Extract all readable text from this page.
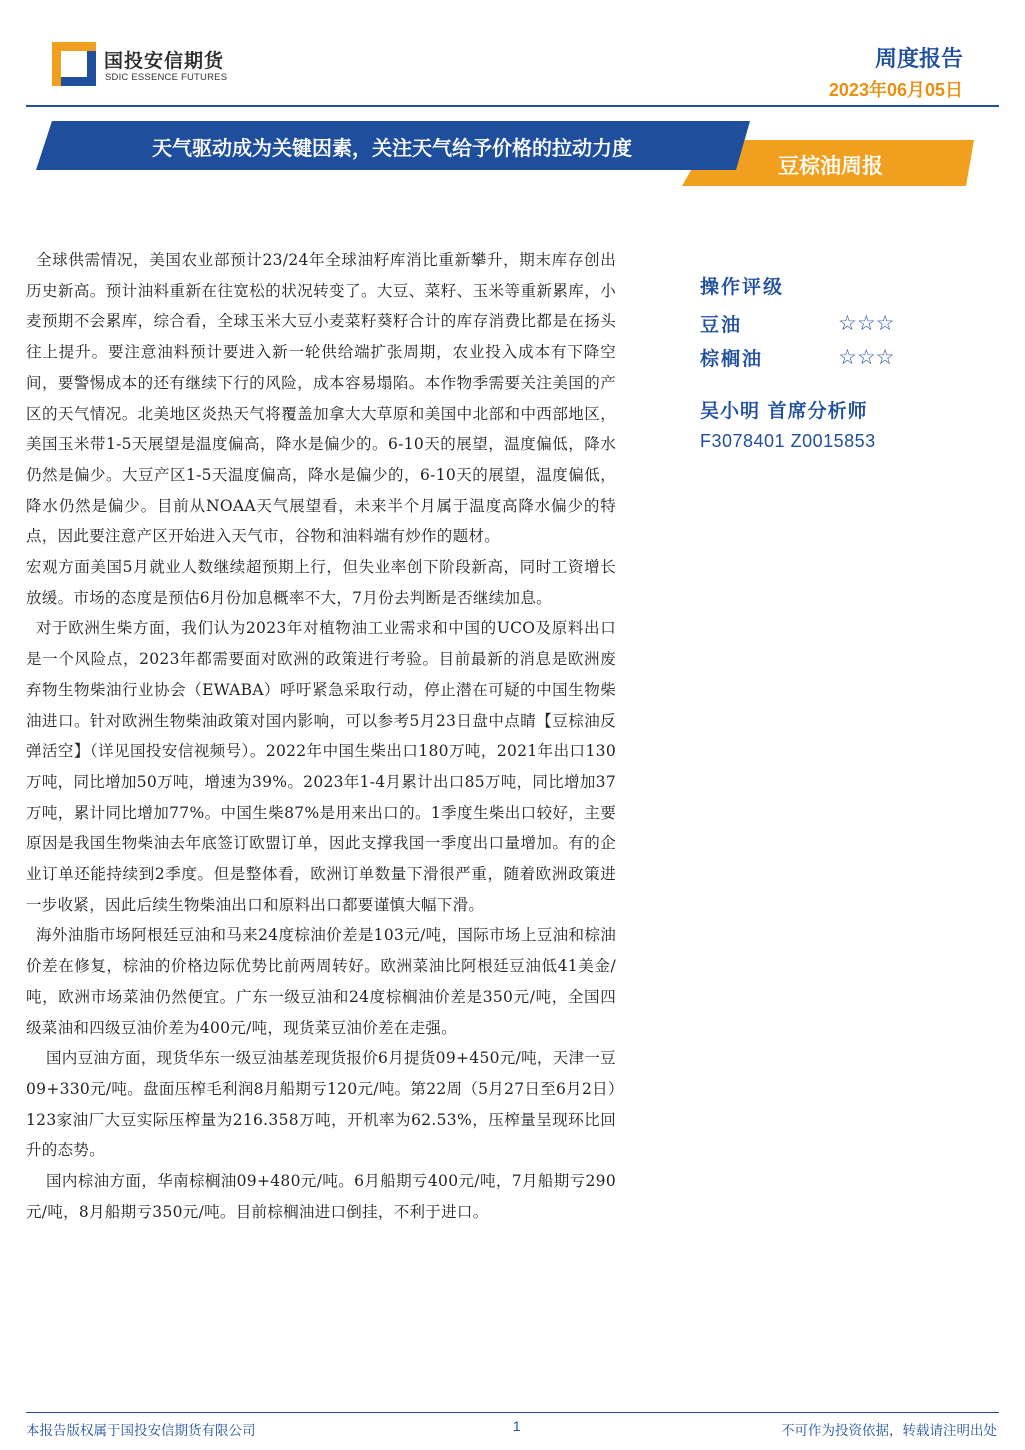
国投安信期货
SDIC ESSENCE FUTURES
周度报告
2023年06月05日
天气驱动成为关键因素，关注天气给予价格的拉动力度
豆棕油周报

全球供需情况，美国农业部预计23/24年全球油籽库消比重新攀升，期末库存创出历史新高。预计油料重新在往宽松的状况转变了。大豆、菜籽、玉米等重新累库，小麦预期不会累库，综合看，全球玉米大豆小麦菜籽葵籽合计的库存消费比都是在扬头往上提升。要注意油料预计要进入新一轮供给端扩张周期，农业投入成本有下降空间，要警惕成本的还有继续下行的风险，成本容易塌陷。本作物季需要关注美国的产区的天气情况。北美地区炎热天气将覆盖加拿大大草原和美国中北部和中西部地区，美国玉米带1-5天展望是温度偏高，降水是偏少的。6-10天的展望，温度偏低，降水仍然是偏少。大豆产区1-5天温度偏高，降水是偏少的，6-10天的展望，温度偏低，降水仍然是偏少。目前从NOAA天气展望看，未来半个月属于温度高降水偏少的特点，因此要注意产区开始进入天气市，谷物和油料端有炒作的题材。

宏观方面美国5月就业人数继续超预期上行，但失业率创下阶段新高，同时工资增长放缓。市场的态度是预估6月份加息概率不大，7月份去判断是否继续加息。

对于欧洲生柴方面，我们认为2023年对植物油工业需求和中国的UCO及原料出口是一个风险点，2023年都需要面对欧洲的政策进行考验。目前最新的消息是欧洲废弃物生物柴油行业协会（EWABA）呼吁紧急采取行动，停止潜在可疑的中国生物柴油进口。针对欧洲生物柴油政策对国内影响，可以参考5月23日盘中点睛【豆棕油反弹活空】（详见国投安信视频号）。2022年中国生柴出口180万吨，2021年出口130万吨，同比增加50万吨，增速为39%。2023年1-4月累计出口85万吨，同比增加37万吨，累计同比增加77%。中国生柴87%是用来出口的。1季度生柴出口较好，主要原因是我国生物柴油去年底签订欧盟订单，因此支撑我国一季度出口量增加。有的企业订单还能持续到2季度。但是整体看，欧洲订单数量下滑很严重，随着欧洲政策进一步收紧，因此后续生物柴油出口和原料出口都要谨慎大幅下滑。

海外油脂市场阿根廷豆油和马来24度棕油价差是103元/吨，国际市场上豆油和棕油价差在修复，棕油的价格边际优势比前两周转好。欧洲菜油比阿根廷豆油低41美金/吨，欧洲市场菜油仍然便宜。广东一级豆油和24度棕榈油价差是350元/吨，全国四级菜油和四级豆油价差为400元/吨，现货菜豆油价差在走强。

国内豆油方面，现货华东一级豆油基差现货报价6月提货09+450元/吨，天津一豆09+330元/吨。盘面压榨毛利润8月船期亏120元/吨。第22周（5月27日至6月2日）123家油厂大豆实际压榨量为216.358万吨，开机率为62.53%，压榨量呈现环比回升的态势。

国内棕油方面，华南棕榈油09+480元/吨。6月船期亏400元/吨，7月船期亏290元/吨，8月船期亏350元/吨。目前棕榈油进口倒挂，不利于进口。

操作评级
豆油	☆☆☆
棕榈油	☆☆☆
吴小明 首席分析师
F3078401 Z0015853
本报告版权属于国投安信期货有限公司	1	不可作为投资依据，转载请注明出处
